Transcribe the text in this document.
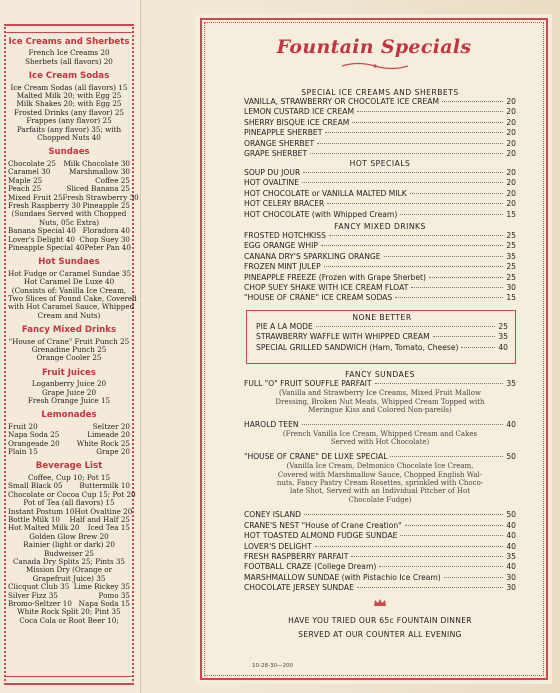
Ice Creams and Sherbets
French Ice Creams 20
Sherbets (all flavors) 20
Ice Cream Sodas
Ice Cream Sodas (all flavors) 15
Malted Milk 20; with Egg 25
Milk Shakes 20; with Egg 25
Frosted Drinks (any flavor) 25
Frappes (any flavor) 25
Parfaits (any flavor) 35; with
Chopped Nuts 40
Sundaes
Chocolate 25 Milk Chocolate 30
Caramel 30	Marshmallow 30
Maple 25	Coffee 25
Peach 25	Sliced Banana 25
Mixed Fruit 25 Fresh Strawberry 30
Fresh Raspberry 30 Pineapple 25
(Sundaes Served with Chopped
Nuts, 05c Extra)
Banana Special 40 Floradora 40
Lover's Delight 40 Chop Suey 30
Pineapple Special 40 Peter Pan 40
Hot Sundaes
Hot Fudge or Caramel Sundae 35
Hot Caramel De Luxe 40
(Consists of: Vanilla Ice Cream,
Two Slices of Pound Cake, Covered
with Hot Caramel Sauce, Whipped
Cream and Nuts)
Fancy Mixed Drinks
"House of Crane" Fruit Punch 25
Grenadine Punch 25
Orange Cooler 25
Fruit Juices
Loganberry Juice 20
Grape Juice 20
Fresh Orange Juice 15
Lemonades
Fruit 20	Seltzer 20
Napa Soda 25	Limeade 20
Orangeade 20 White Rock 25
Plain 15	Grape 20
Beverage List
Coffee, Cup 10; Pot 15
Small Black 05 Buttermilk 10
Chocolate or Cocoa Cup 15; Pot 20
Pot of Tea (all flavors) 15
Instant Postum 10 Hot Ovaltine 20
Bottle Milk 10 Half and Half 25
Hot Malted Milk 20 Iced Tea 15
Golden Glow Brew 20
Rainier (light or dark) 20
Budweiser 25
Canada Dry Splits 25; Pints 35
Mission Dry (Orange or
Grapefruit Juice) 35
Clicquot Club 35 Lime Rickey 35
Silver Fizz 35	Pomo 35
Bromo-Seltzer 10 Napa Soda 15
White Rock Split 20; Pint 35
Coca Cola or Root Beer 10;
Fountain Specials
SPECIAL ICE CREAMS AND SHERBETS
VANILLA, STRAWBERRY OR CHOCOLATE ICE CREAM	20
LEMON CUSTARD ICE CREAM	20
SHERRY BISQUE ICE CREAM	20
PINEAPPLE SHERBET	20
ORANGE SHERBET	20
GRAPE SHERBET	20
HOT SPECIALS
SOUP DU JOUR	20
HOT OVALTINE	20
HOT CHOCOLATE or VANILLA MALTED MILK	20
HOT CELERY BRACER	20
HOT CHOCOLATE (with Whipped Cream)	15
FANCY MIXED DRINKS
FROSTED HOTCHKISS	25
EGG ORANGE WHIP	25
CANANA DRY'S SPARKLING ORANGE	35
FROZEN MINT JULEP	25
PINEAPPLE FREEZE (Frozen with Grape Sherbet)	25
CHOP SUEY SHAKE WITH ICE CREAM FLOAT	30
"HOUSE OF CRANE" ICE CREAM SODAS	15
NONE BETTER
PIE A LA MODE	25
STRAWBERRY WAFFLE WITH WHIPPED CREAM	35
SPECIAL GRILLED SANDWICH (Ham, Tomato, Cheese)	40
FANCY SUNDAES
FULL "O" FRUIT SOUFFLE PARFAIT	35
(Vanilla and Strawberry Ice Creams, Mixed Fruit Mallow
Dressing, Broken Nut Meats, Whipped Cream Topped with
Meringue Kiss and Colored Non-pareils)
HAROLD TEEN	40
(French Vanilla Ice Cream, Whipped Cream and Cakes
Served with Hot Chocolate)
"HOUSE OF CRANE" DE LUXE SPECIAL	50
(Vanilla Ice Cream, Delmonico Chocolate Ice Cream,
Covered with Marshmallow Sauce, Chopped English Wal-
nuts, Fancy Pastry Cream Rosettes, sprinkled with Choco-
late Shot, Served with an Individual Pitcher of Hot
Chocolate Fudge)
CONEY ISLAND	50
CRANE'S NEST "House of Crane Creation"	40
HOT TOASTED ALMOND FUDGE SUNDAE	40
LOVER'S DELIGHT	40
FRESH RASPBERRY PARFAIT	35
FOOTBALL CRAZE (College Dream)	40
MARSHMALLOW SUNDAE (with Pistachio Ice Cream)	30
CHOCOLATE JERSEY SUNDAE	30
HAVE YOU TRIED OUR 65c FOUNTAIN DINNER
SERVED AT OUR COUNTER ALL EVENING
10-28-30—200
